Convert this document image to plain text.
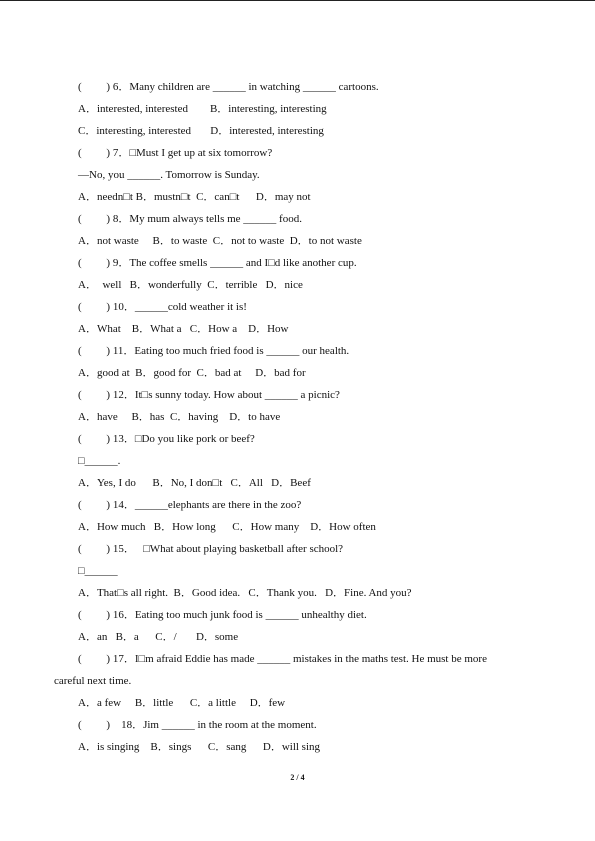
(         ) 6．Many children are ______ in watching ______ cartoons.
A．interested, interested        B．interesting, interesting
C．interesting, interested       D．interested, interesting
(         ) 7．□Must I get up at six tomorrow?
—No, you ______. Tomorrow is Sunday.
A．needn□t B．mustn□t  C．can□t      D．may not
(         ) 8．My mum always tells me ______ food.
A．not waste     B．to waste  C．not to waste  D．to not waste
(         ) 9．The coffee smells ______ and I□d like another cup.
A．  well   B．wonderfully  C．terrible   D．nice
(         ) 10．______cold weather it is!
A．What    B．What a   C．How a    D．How
(         ) 11．Eating too much fried food is ______ our health.
A．good at  B．good for  C．bad at     D．bad for
(         ) 12．It□s sunny today. How about ______ a picnic?
A．have     B．has  C．having    D．to have
(         ) 13．□Do you like pork or beef?
□______.
A．Yes, I do      B．No, I don□t   C．All   D．Beef
(         ) 14．______elephants are there in the zoo?
A．How much   B．How long      C．How many    D．How often
(         ) 15．   □What about playing basketball after school?
□______
A．That□s all right.  B．Good idea.   C．Thank you.   D．Fine. And you?
(         ) 16．Eating too much junk food is ______ unhealthy diet.
A．an   B．a      C．/       D．some
(         ) 17．I□m afraid Eddie has made ______ mistakes in the maths test. He must be more
careful next time.
A．a few     B．little      C．a little     D．few
(         )    18．Jim ______ in the room at the moment.
A．is singing    B．sings      C．sang      D．will sing
2 / 4
